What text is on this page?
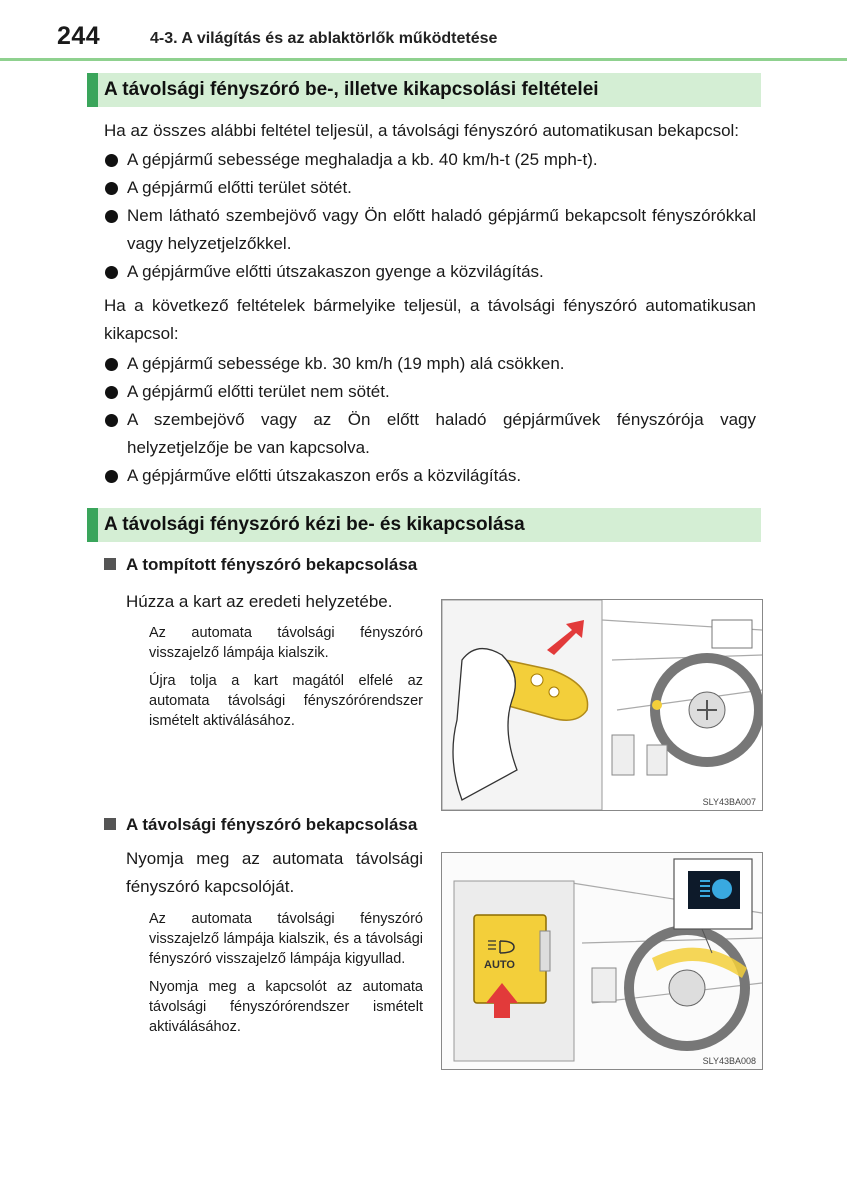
244	4-3. A világítás és az ablaktörlők működtetése
A távolsági fényszóró be-, illetve kikapcsolási feltételei
Ha az összes alábbi feltétel teljesül, a távolsági fényszóró automatikusan bekapcsol:
A gépjármű sebessége meghaladja a kb. 40 km/h-t (25 mph-t).
A gépjármű előtti terület sötét.
Nem látható szembejövő vagy Ön előtt haladó gépjármű bekapcsolt fényszórókkal vagy helyzetjelzőkkel.
A gépjárműve előtti útszakaszon gyenge a közvilágítás.
Ha a következő feltételek bármelyike teljesül, a távolsági fényszóró automatikusan kikapcsol:
A gépjármű sebessége kb. 30 km/h (19 mph) alá csökken.
A gépjármű előtti terület nem sötét.
A szembejövő vagy az Ön előtt haladó gépjárművek fényszórója vagy helyzetjelzője be van kapcsolva.
A gépjárműve előtti útszakaszon erős a közvilágítás.
A távolsági fényszóró kézi be- és kikapcsolása
A tompított fényszóró bekapcsolása
Húzza a kart az eredeti helyzetébe.

Az automata távolsági fényszóró visszajelző lámpája kialszik.

Újra tolja a kart magától elfelé az automata távolsági fényszórórendszer ismételt aktiválásához.

SLY43BA007
A távolsági fényszóró bekapcsolása
Nyomja meg az automata távolsági fényszóró kapcsolóját.

Az automata távolsági fényszóró visszajelző lámpája kialszik, és a távolsági fényszóró visszajelző lámpája kigyullad.

Nyomja meg a kapcsolót az automata távolsági fényszórórendszer ismételt aktiválásához.

AUTO
SLY43BA008
